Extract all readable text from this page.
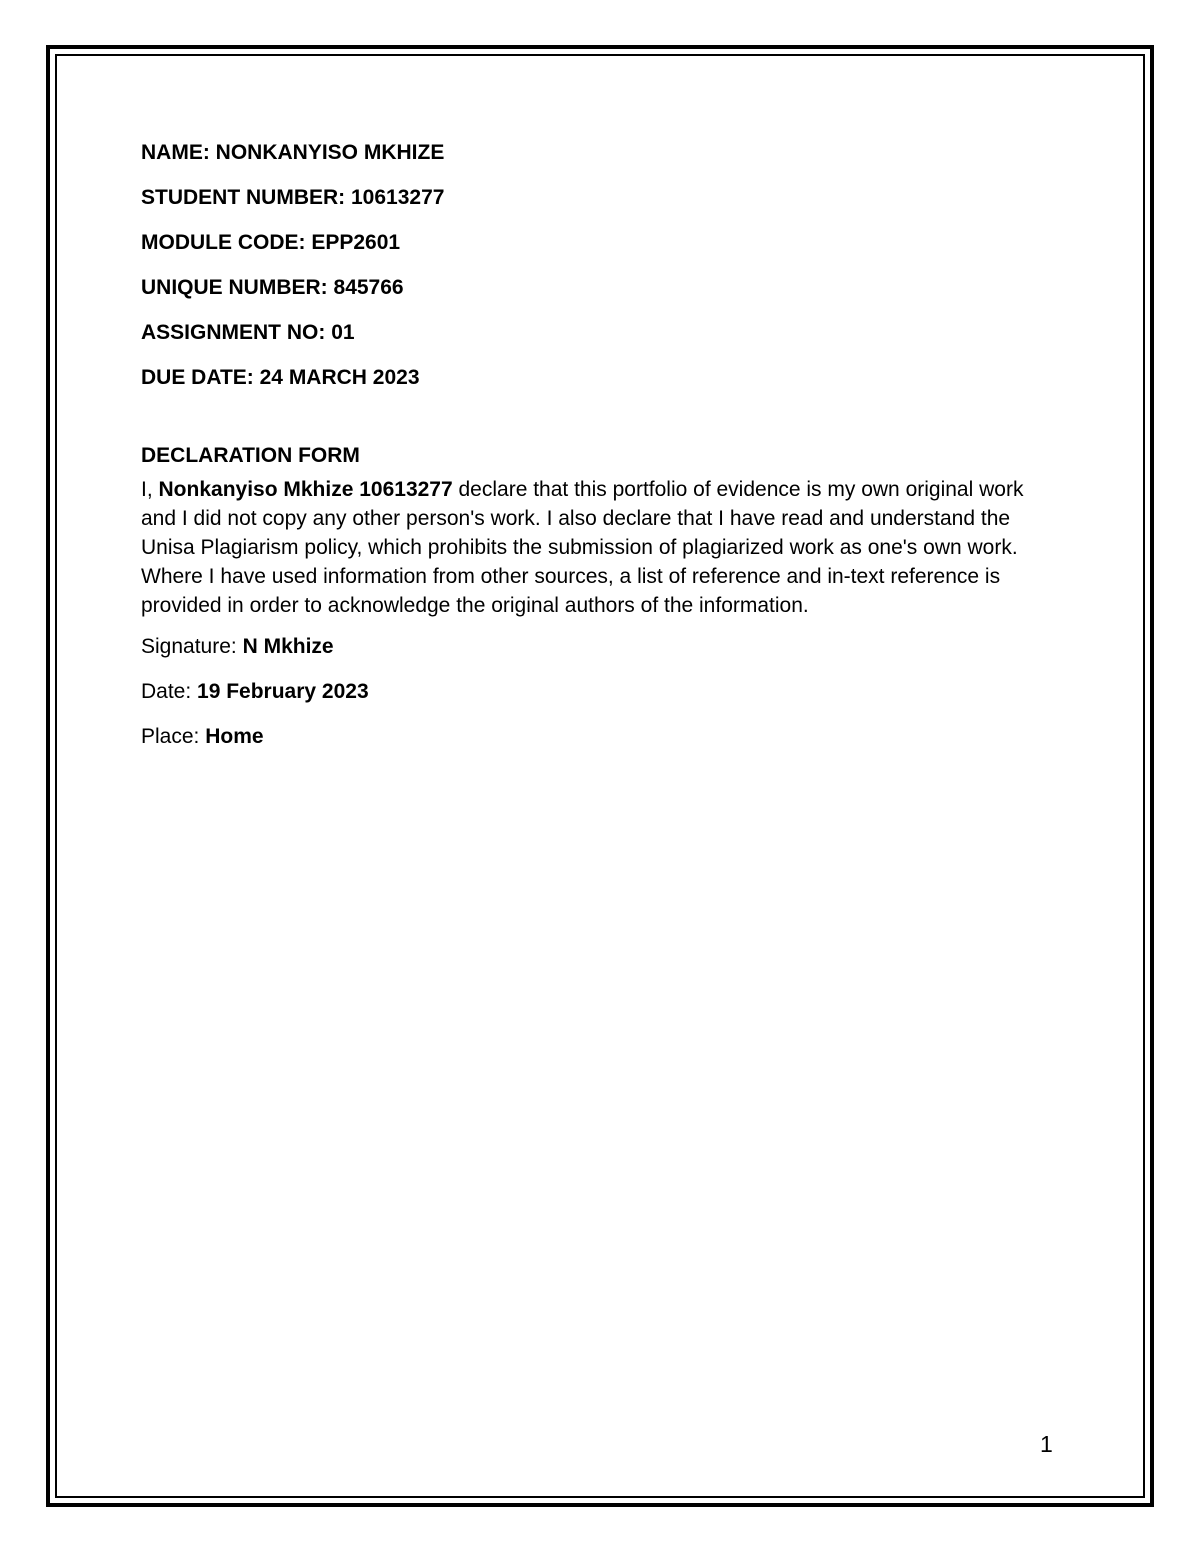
NAME: NONKANYISO MKHIZE
STUDENT NUMBER: 10613277
MODULE CODE: EPP2601
UNIQUE NUMBER: 845766
ASSIGNMENT NO: 01
DUE DATE: 24 MARCH 2023
DECLARATION FORM

I, Nonkanyiso Mkhize 10613277 declare that this portfolio of evidence is my own original work and I did not copy any other person's work. I also declare that I have read and understand the Unisa Plagiarism policy, which prohibits the submission of plagiarized work as one's own work. Where I have used information from other sources, a list of reference and in-text reference is provided in order to acknowledge the original authors of the information.

Signature: N Mkhize
Date: 19 February 2023
Place: Home
1
